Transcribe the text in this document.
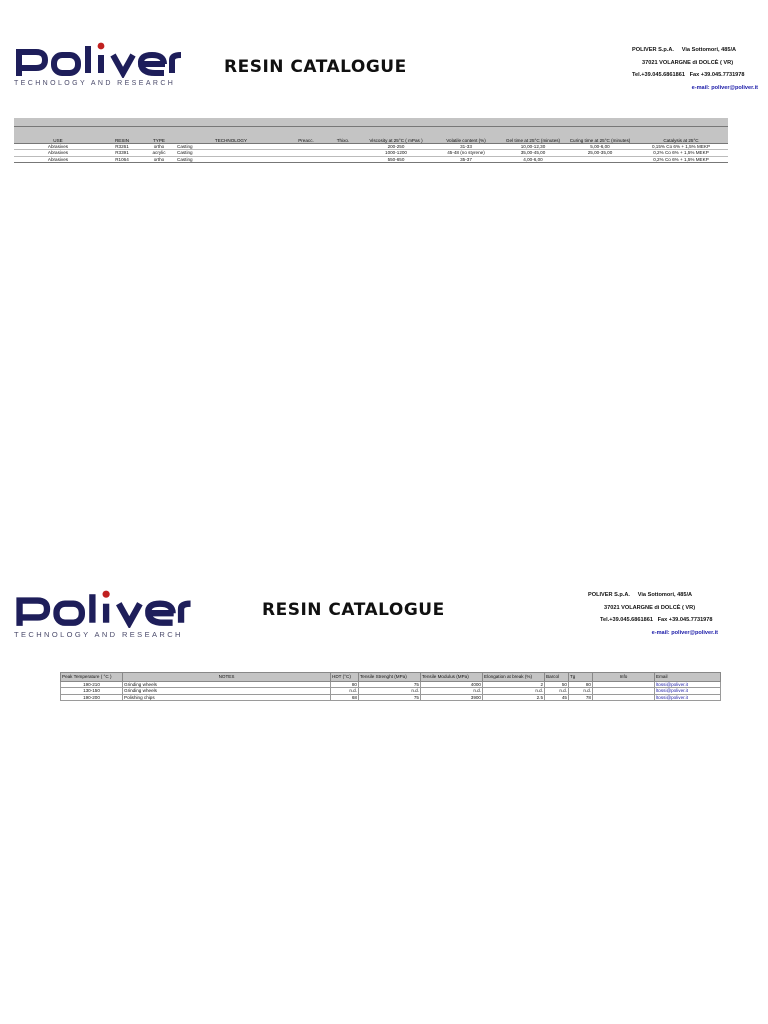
TECHNOLOGY AND RESEARCH
RESIN CATALOGUE
POLIVER S.p.A. Via Sottomori, 485/A
37021 VOLARGNE di DOLCÈ ( VR)
Tel.+39.045.6861861 Fax +39.045.7731978
e-mail: poliver@poliver.it

USE	RESIN	TYPE	TECHNOLOGY	Preacc.	Thixo.	Viscosity at 25°C ( mPas )	Volatile content (%)	Gel time at 25°C (minutes)	Curing time at 25°C (minutes)	Catalysis at 25°C
Abrasives	R3261	ortho	Casting			200-250	31-33	10,00-12,30	5,00-6,00	0,15% Co 6% + 1,5% MEKP
Abrasives	R3391	acrylic	Casting			1000-1200	45-48 (no styrene)	35,00-45,00	25,00-35,00	0,2% Co 6% + 1,5% MEKP
Abrasives	R1064	ortho	Casting			550-650	35-37	4,00-6,00		0,2% Co 6% + 1,5% MEKP
TECHNOLOGY AND RESEARCH
RESIN CATALOGUE
POLIVER S.p.A. Via Sottomori, 485/A
37021 VOLARGNE di DOLCÈ ( VR)
Tel.+39.045.6861861 Fax +39.045.7731978
e-mail: poliver@poliver.it
Peak Temperature ( °C )	NOTES	HDT (°C)	Tensile Strenght (MPa)	Tensile Modulus (MPa)	Elongation at break (%)	Barcol	Tg	Info	Email
190-210	Grinding wheels	80	75	4000	2	50	80		ltossi@poliver.it
130-150	Grinding wheels	n.d.	n.d.	n.d.	n.d.	n.d.	n.d.		ltossi@poliver.it
190-200	Polishing chips	68	75	3900	2.5	45	78		ltossi@poliver.it
